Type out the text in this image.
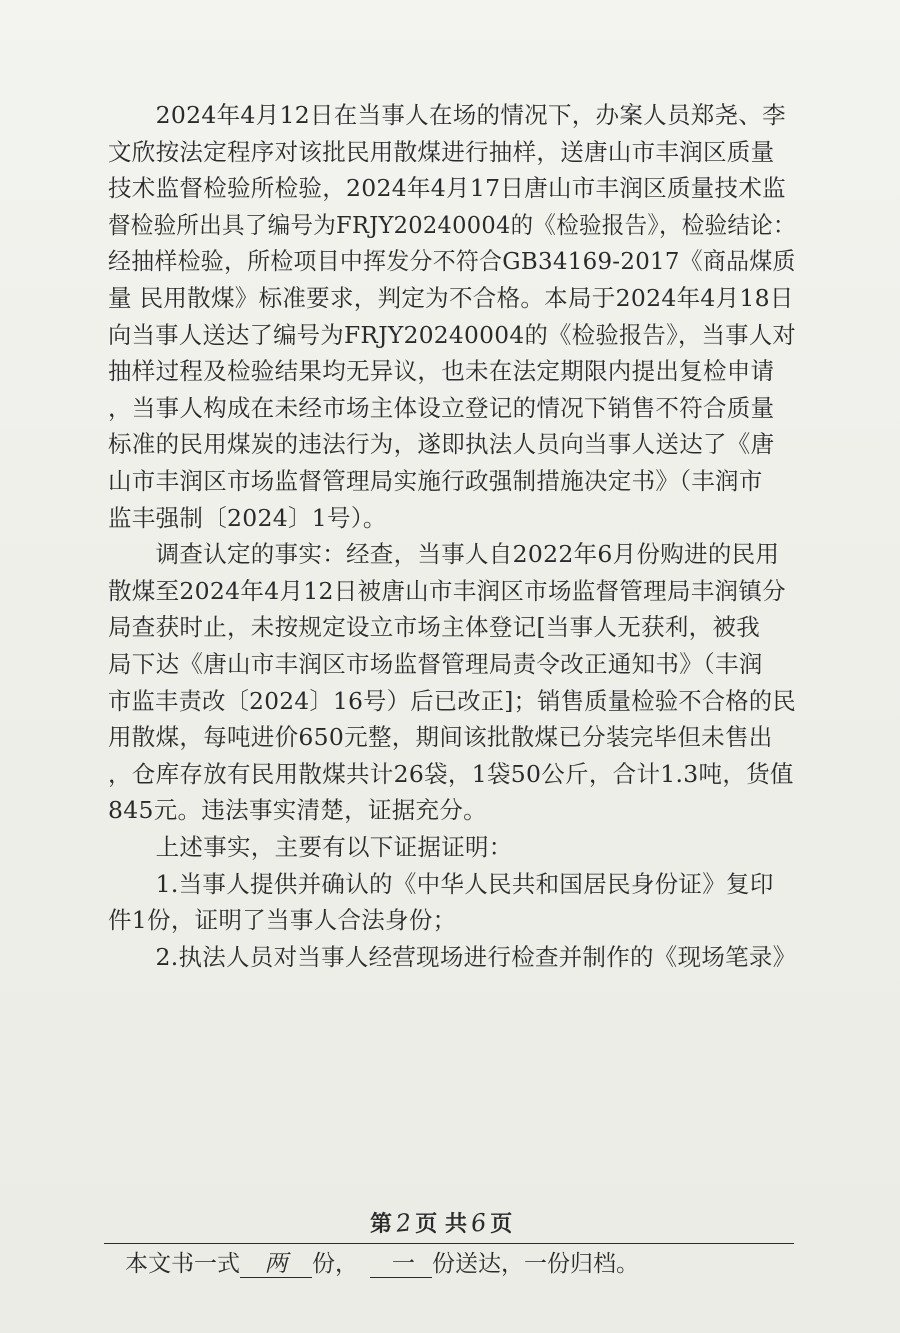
　　2024年4月12日在当事人在场的情况下，办案人员郑尧、李
文欣按法定程序对该批民用散煤进行抽样，送唐山市丰润区质量
技术监督检验所检验，2024年4月17日唐山市丰润区质量技术监
督检验所出具了编号为FRJY20240004的《检验报告》，检验结论：
经抽样检验，所检项目中挥发分不符合GB34169-2017《商品煤质
量 民用散煤》标准要求，判定为不合格。本局于2024年4月18日
向当事人送达了编号为FRJY20240004的《检验报告》，当事人对
抽样过程及检验结果均无异议，也未在法定期限内提出复检申请
，当事人构成在未经市场主体设立登记的情况下销售不符合质量
标准的民用煤炭的违法行为，遂即执法人员向当事人送达了《唐
山市丰润区市场监督管理局实施行政强制措施决定书》（丰润市
监丰强制〔2024〕1号）。
　　调查认定的事实：经查，当事人自2022年6月份购进的民用
散煤至2024年4月12日被唐山市丰润区市场监督管理局丰润镇分
局查获时止，未按规定设立市场主体登记[当事人无获利，被我
局下达《唐山市丰润区市场监督管理局责令改正通知书》（丰润
市监丰责改〔2024〕16号）后已改正]；销售质量检验不合格的民
用散煤，每吨进价650元整，期间该批散煤已分装完毕但未售出
，仓库存放有民用散煤共计26袋，1袋50公斤，合计1.3吨，货值
845元。违法事实清楚，证据充分。
　　上述事实，主要有以下证据证明：
　　1.当事人提供并确认的《中华人民共和国居民身份证》复印
件1份，证明了当事人合法身份；
　　2.执法人员对当事人经营现场进行检查并制作的《现场笔录》
第 2 页 共 6 页
本文书一式 两 份， 一 份送达，一份归档。
